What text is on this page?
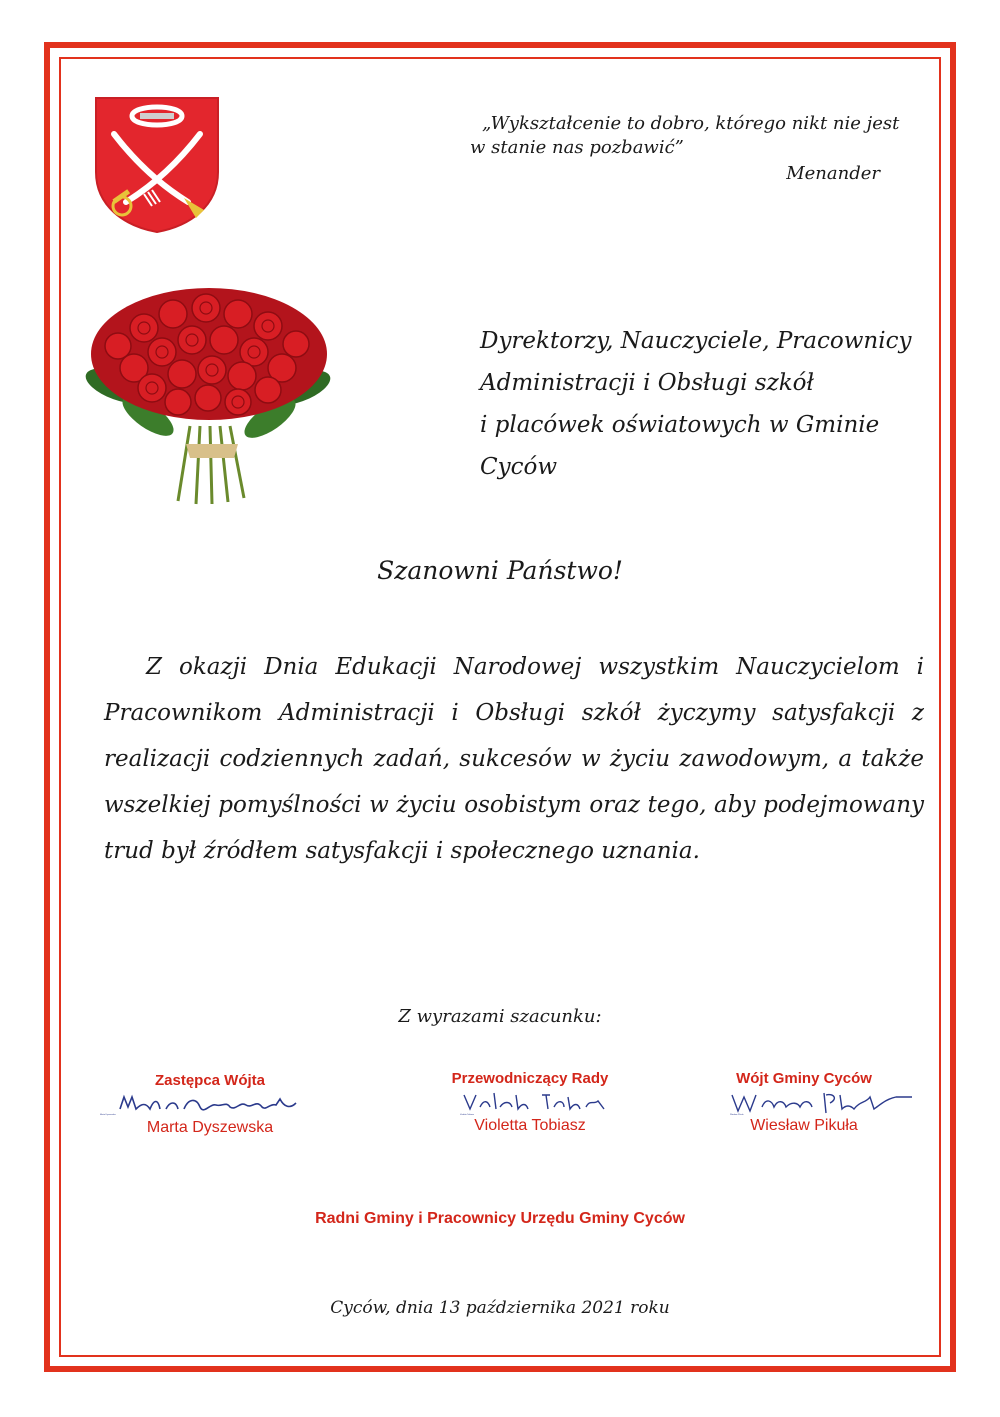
„Wykształcenie to dobro, którego nikt nie jest
w stanie nas pozbawić”
Menander
Dyrektorzy, Nauczyciele, Pracownicy
Administracji i Obsługi szkół
i placówek oświatowych w Gminie
Cyców
Szanowni Państwo!
Z okazji Dnia Edukacji Narodowej wszystkim Nauczycielom i Pracownikom Administracji i Obsługi szkół życzymy satysfakcji z realizacji codziennych zadań, sukcesów w życiu zawodowym, a także wszelkiej pomyślności w życiu osobistym oraz tego, aby podejmowany trud był źródłem satysfakcji i społecznego uznania.
Z wyrazami szacunku:
Zastępca Wójta
Marta Dyszewska
Marta Dyszewska
Przewodniczący Rady
Violetta Tobiasz
Violetta Tobiasz
Wójt Gminy Cyców
Wiesław Pikuła
Wiesław Pikuła
Radni Gminy i Pracownicy Urzędu Gminy Cyców
Cyców, dnia 13 października 2021 roku
